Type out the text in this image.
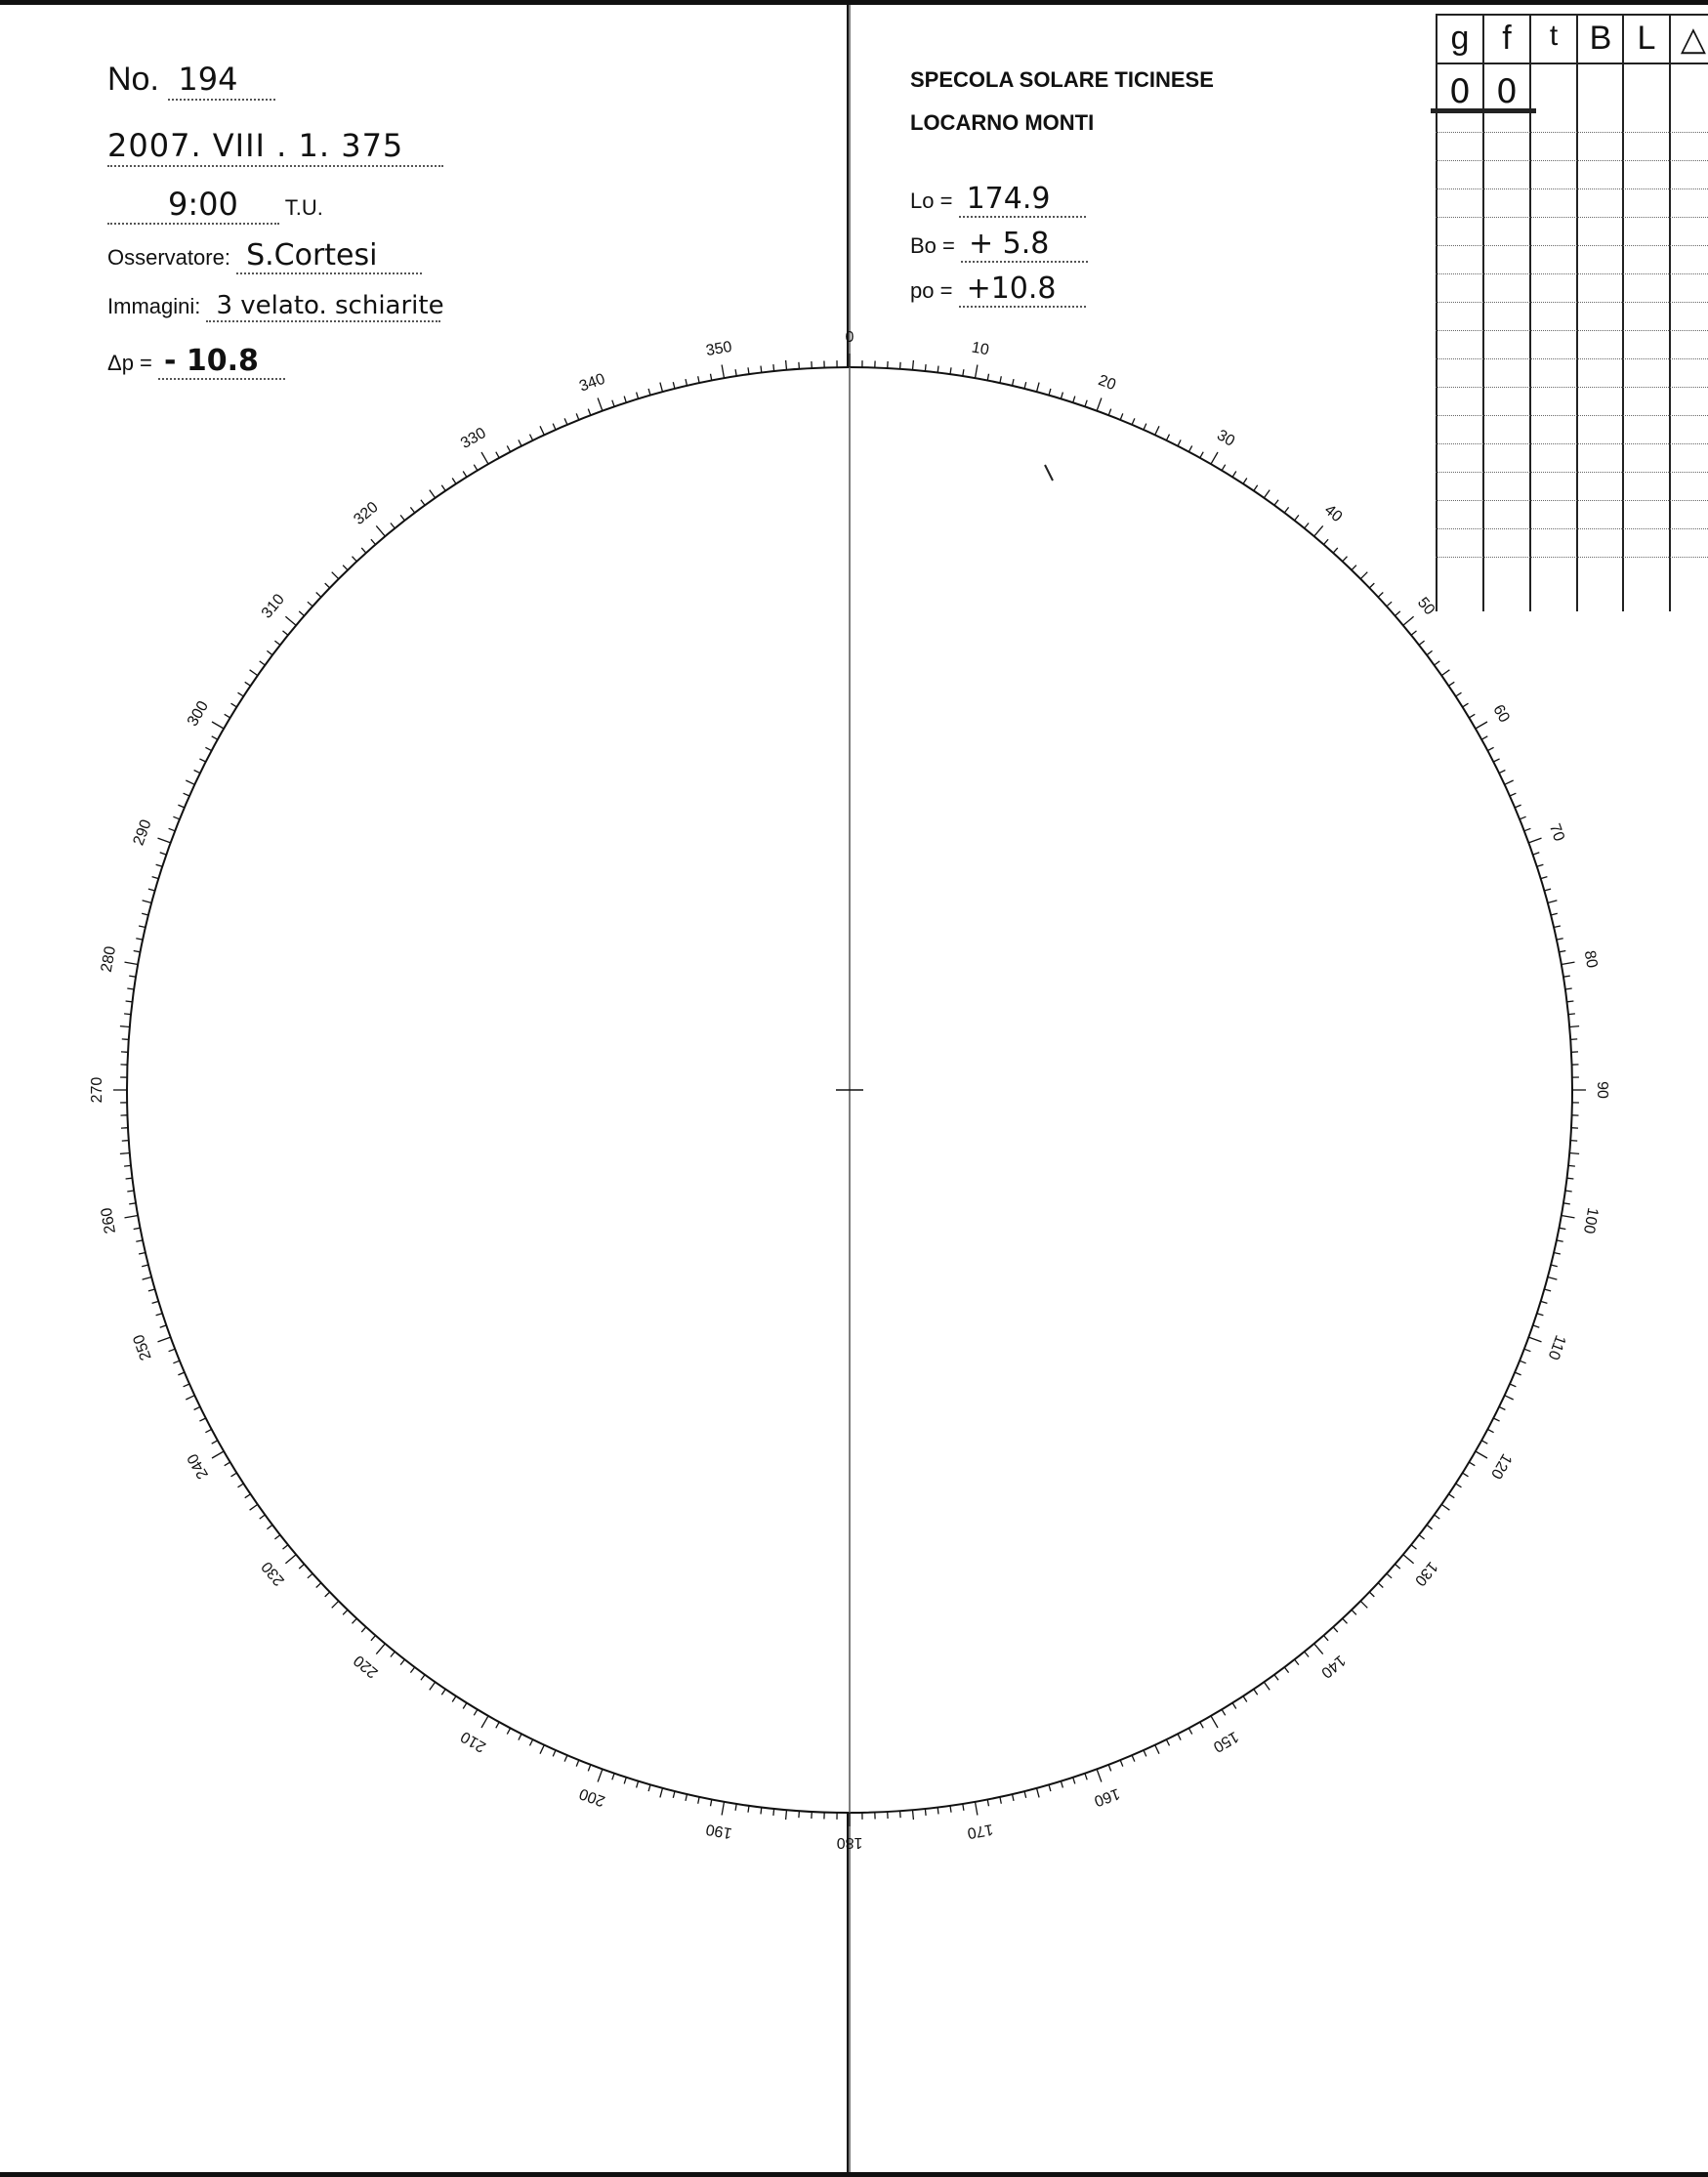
No. 194
2007. VIII . 1. 375
9:00 T.U.
Osservatore: S.Cortesi
Immagini: 3 velato. schiarite
Δp = - 10.8
SPECOLA SOLARE TICINESE
LOCARNO MONTI
Lo = 174.9
Bo = + 5.8
po = +10.8
g f	t B L △
0 0
0
10
20
30
40
50
60
70
80
90
100
110
120
130
140
150
160
170
180
190
200
210
220
230
240
250
260
270
280
290
300
310
320
330
340
350
